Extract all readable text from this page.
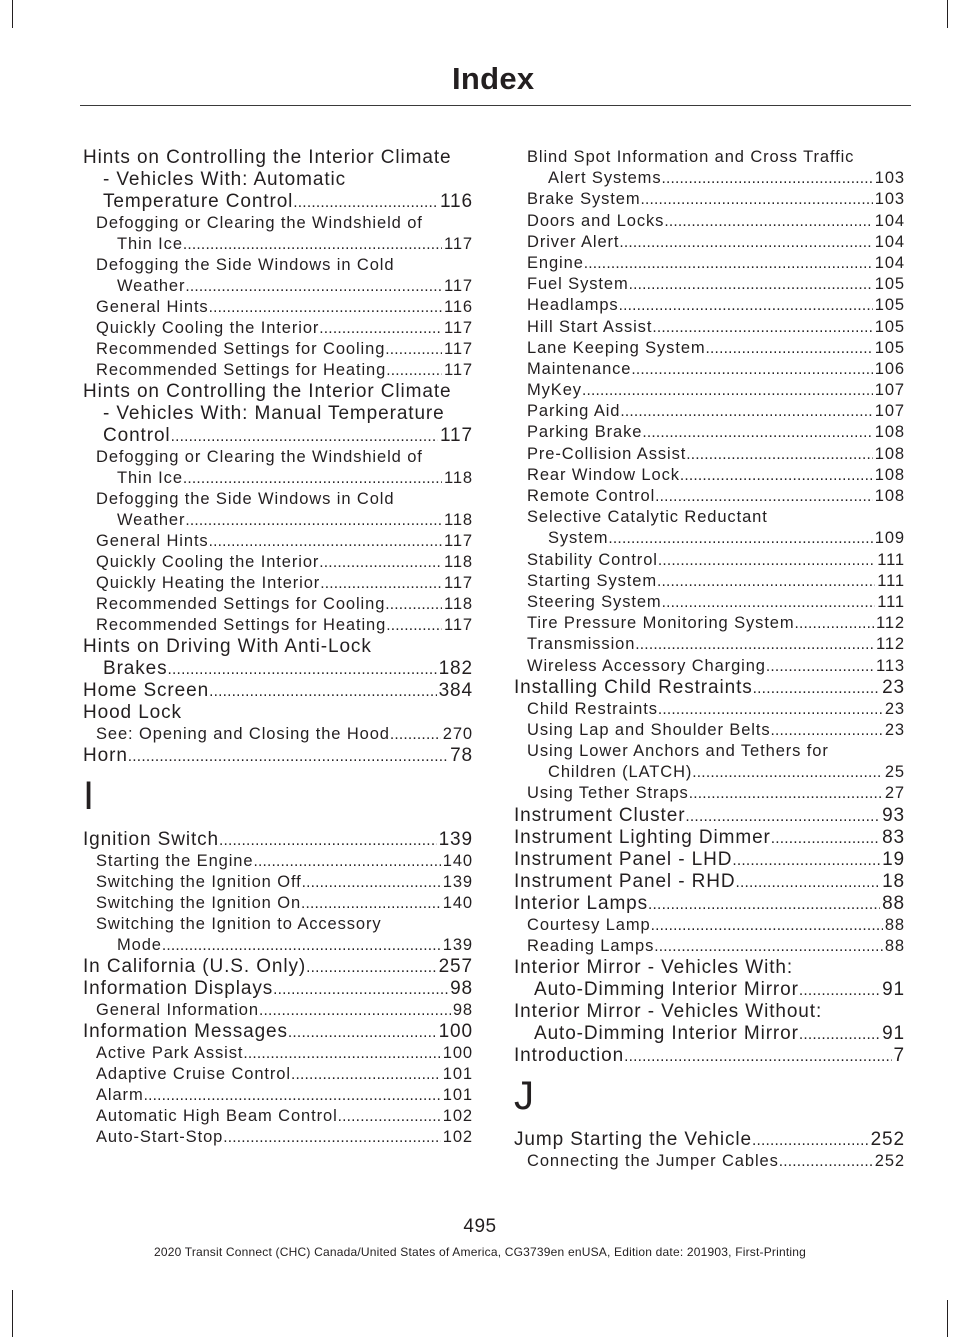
Index
Hints on Controlling the Interior Climate
- Vehicles With: Automatic
Temperature Control .....	116
Defogging or Clearing the Windshield of
Thin Ice .....	117
Defogging the Side Windows in Cold
Weather .....	117
General Hints .....	116
Quickly Cooling the Interior .....	117
Recommended Settings for Cooling .....	117
Recommended Settings for Heating .....	117
Hints on Controlling the Interior Climate
- Vehicles With: Manual Temperature
Control .....	117
Defogging or Clearing the Windshield of
Thin Ice .....	118
Defogging the Side Windows in Cold
Weather .....	118
General Hints .....	117
Quickly Cooling the Interior .....	118
Quickly Heating the Interior .....	117
Recommended Settings for Cooling .....	118
Recommended Settings for Heating .....	117
Hints on Driving With Anti-Lock
Brakes .....	182
Home Screen .....	384
Hood Lock
See: Opening and Closing the Hood .....	270
Horn .....	78
I
Ignition Switch .....	139
Starting the Engine .....	140
Switching the Ignition Off .....	139
Switching the Ignition On .....	140
Switching the Ignition to Accessory
Mode .....	139
In California (U.S. Only) .....	257
Information Displays .....	98
General Information .....	98
Information Messages .....	100
Active Park Assist .....	100
Adaptive Cruise Control .....	101
Alarm .....	101
Automatic High Beam Control .....	102
Auto-Start-Stop .....	102
Blind Spot Information and Cross Traffic
Alert Systems .....	103
Brake System .....	103
Doors and Locks .....	104
Driver Alert .....	104
Engine .....	104
Fuel System .....	105
Headlamps .....	105
Hill Start Assist .....	105
Lane Keeping System .....	105
Maintenance .....	106
MyKey .....	107
Parking Aid .....	107
Parking Brake .....	108
Pre-Collision Assist .....	108
Rear Window Lock .....	108
Remote Control .....	108
Selective Catalytic Reductant
System .....	109
Stability Control .....	111
Starting System .....	111
Steering System .....	111
Tire Pressure Monitoring System .....	112
Transmission .....	112
Wireless Accessory Charging .....	113
Installing Child Restraints .....	23
Child Restraints .....	23
Using Lap and Shoulder Belts .....	23
Using Lower Anchors and Tethers for
Children (LATCH) .....	25
Using Tether Straps .....	27
Instrument Cluster .....	93
Instrument Lighting Dimmer .....	83
Instrument Panel - LHD .....	19
Instrument Panel - RHD .....	18
Interior Lamps .....	88
Courtesy Lamp .....	88
Reading Lamps .....	88
Interior Mirror - Vehicles With:
Auto-Dimming Interior Mirror .....	91
Interior Mirror - Vehicles Without:
Auto-Dimming Interior Mirror .....	91
Introduction .....	7
J
Jump Starting the Vehicle .....	252
Connecting the Jumper Cables .....	252
495
2020 Transit Connect (CHC) Canada/United States of America, CG3739en enUSA, Edition date: 201903, First-Printing
